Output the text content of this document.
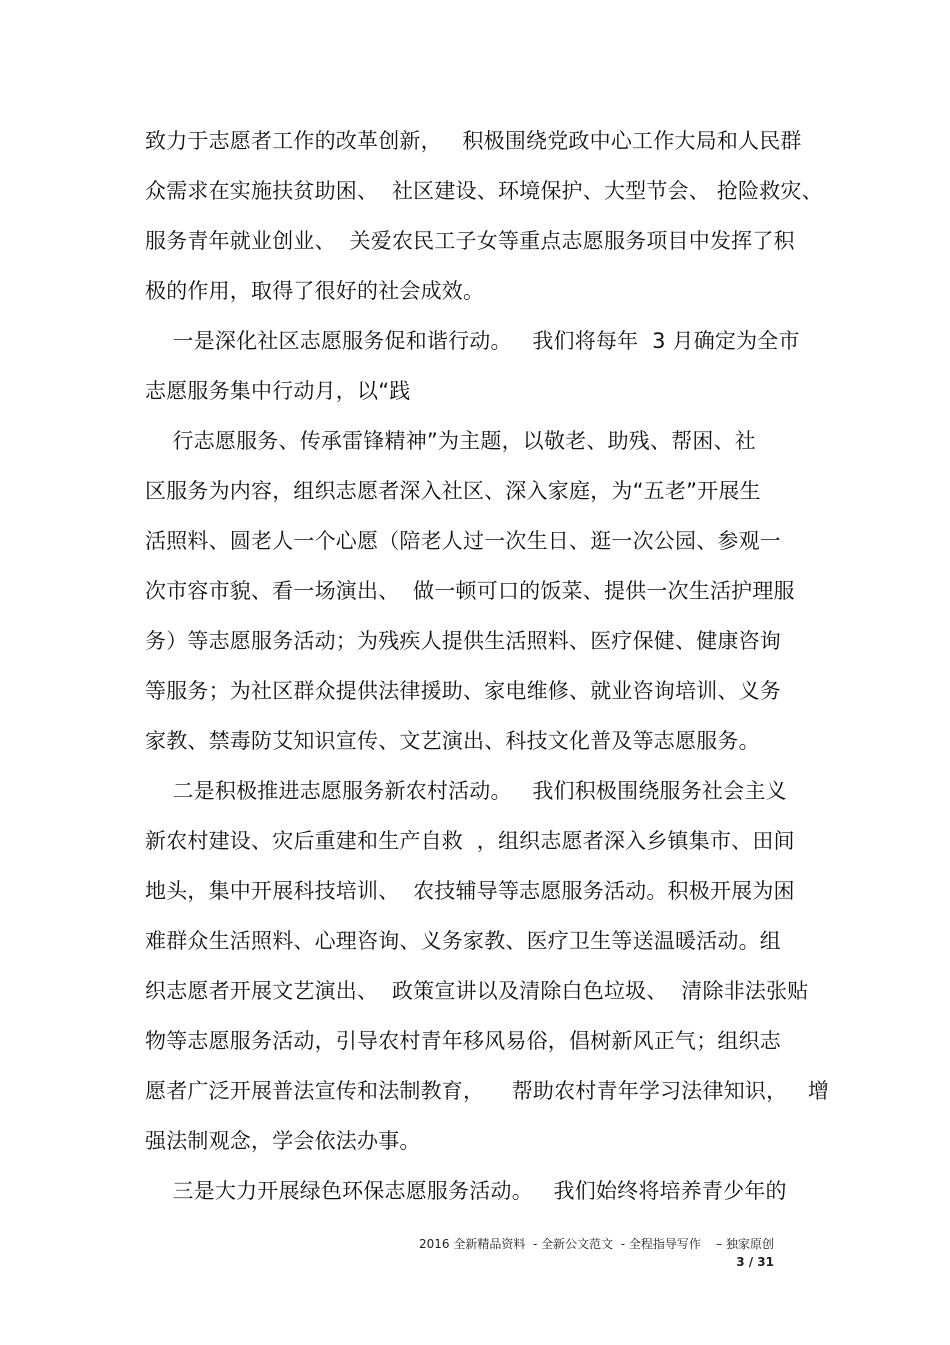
致力于志愿者工作的改革创新，   积极围绕党政中心工作大局和人民群
众需求在实施扶贫助困、  社区建设、环境保护、大型节会、 抢险救灾、
服务青年就业创业、  关爱农民工子女等重点志愿服务项目中发挥了积
极的作用，取得了很好的社会成效。
一是深化社区志愿服务促和谐行动。   我们将每年  3 月确定为全市
志愿服务集中行动月，以“践
行志愿服务、传承雷锋精神”为主题，以敬老、助残、帮困、社
区服务为内容，组织志愿者深入社区、深入家庭，为“五老”开展生
活照料、圆老人一个心愿（陪老人过一次生日、逛一次公园、参观一
次市容市貌、看一场演出、  做一顿可口的饭菜、提供一次生活护理服
务）等志愿服务活动；为残疾人提供生活照料、医疗保健、健康咨询
等服务；为社区群众提供法律援助、家电维修、就业咨询培训、义务
家教、禁毒防艾知识宣传、文艺演出、科技文化普及等志愿服务。
二是积极推进志愿服务新农村活动。   我们积极围绕服务社会主义
新农村建设、灾后重建和生产自救  ，组织志愿者深入乡镇集市、田间
地头，集中开展科技培训、  农技辅导等志愿服务活动。积极开展为困
难群众生活照料、心理咨询、义务家教、医疗卫生等送温暖活动。组
织志愿者开展文艺演出、  政策宣讲以及清除白色垃圾、  清除非法张贴
物等志愿服务活动，引导农村青年移风易俗，倡树新风正气；组织志
愿者广泛开展普法宣传和法制教育，    帮助农村青年学习法律知识，   增
强法制观念，学会依法办事。
三是大力开展绿色环保志愿服务活动。   我们始终将培养青少年的
2016 全新精品资料  - 全新公文范文  - 全程指导写作    – 独家原创
3 / 31
